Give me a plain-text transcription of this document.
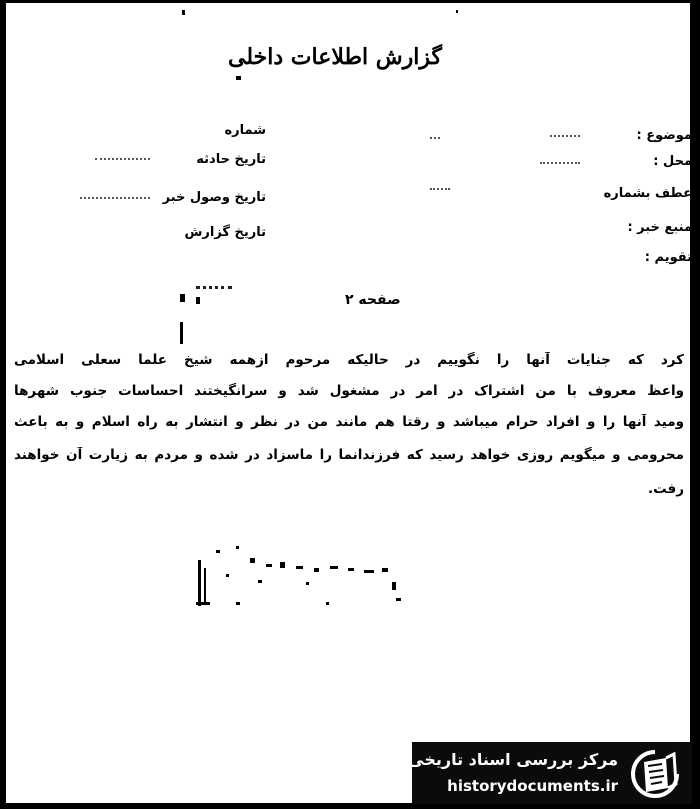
گزارش اطلاعات داخلی
موضوع :
شماره
محل :
تاریخ حادثه
عطف بشماره
تاریخ وصول خبر
منبع خبر :
تاریخ گزارش
تقویم :
صفحه ۲
کرد که جنایات آنها را نگوییم در حالیکه مرحوم ازهمه شیخ علما سعلی اسلامی
واعظ معروف با من اشتراک در امر در مشغول شد و سرانگیختند احساسات جنوب شهرها
ومید آنها را و افراد حرام میباشد و رقتا هم مانند من در نظر و انتشار به راه اسلام و به باعث
محرومی و میگویم روزی خواهد رسید که فرزندانما را ماسزاد در شده و مردم به زیارت آن خواهند
رفت.
مرکز بررسی اسناد تاریخی
historydocuments.ir
